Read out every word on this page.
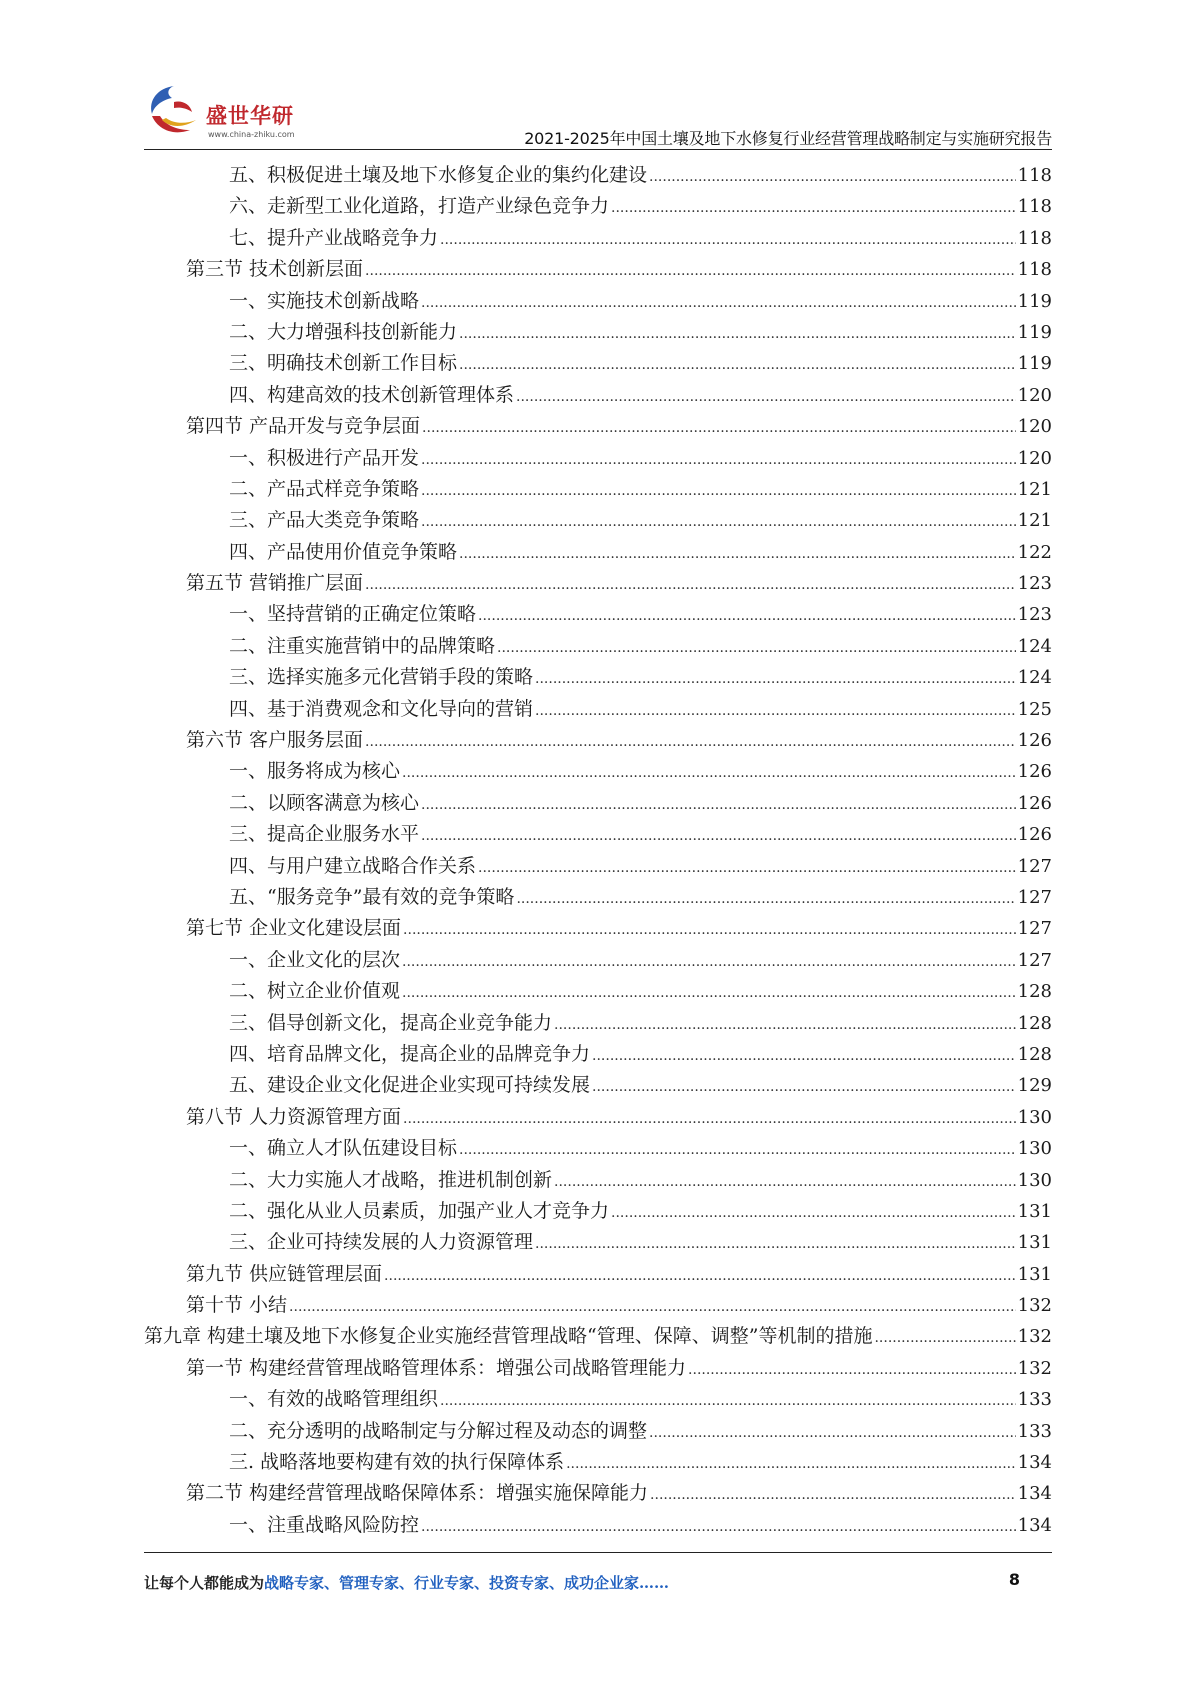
盛世华研
www.china-zhiku.com	2021-2025年中国土壤及地下水修复行业经营管理战略制定与实施研究报告
五、积极促进土壤及地下水修复企业的集约化建设 .....	118
六、走新型工业化道路，打造产业绿色竞争力 .....	118
七、提升产业战略竞争力 .....	118
第三节 技术创新层面 .....	118
一、实施技术创新战略 .....	119
二、大力增强科技创新能力 .....	119
三、明确技术创新工作目标 .....	119
四、构建高效的技术创新管理体系 .....	120
第四节 产品开发与竞争层面 .....	120
一、积极进行产品开发 .....	120
二、产品式样竞争策略 .....	121
三、产品大类竞争策略 .....	121
四、产品使用价值竞争策略 .....	122
第五节 营销推广层面 .....	123
一、坚持营销的正确定位策略 .....	123
二、注重实施营销中的品牌策略 .....	124
三、选择实施多元化营销手段的策略 .....	124
四、基于消费观念和文化导向的营销 .....	125
第六节 客户服务层面 .....	126
一、服务将成为核心 .....	126
二、以顾客满意为核心 .....	126
三、提高企业服务水平 .....	126
四、与用户建立战略合作关系 .....	127
五、“服务竞争”最有效的竞争策略 .....	127
第七节 企业文化建设层面 .....	127
一、企业文化的层次 .....	127
二、树立企业价值观 .....	128
三、倡导创新文化，提高企业竞争能力 .....	128
四、培育品牌文化，提高企业的品牌竞争力 .....	128
五、建设企业文化促进企业实现可持续发展 .....	129
第八节 人力资源管理方面 .....	130
一、确立人才队伍建设目标 .....	130
二、大力实施人才战略，推进机制创新 .....	130
二、强化从业人员素质，加强产业人才竞争力 .....	131
三、企业可持续发展的人力资源管理 .....	131
第九节 供应链管理层面 .....	131
第十节 小结 .....	132
第九章 构建土壤及地下水修复企业实施经营管理战略“管理、保障、调整”等机制的措施 .....	132
第一节 构建经营管理战略管理体系：增强公司战略管理能力 .....	132
一、有效的战略管理组织 .....	133
二、充分透明的战略制定与分解过程及动态的调整 .....	133
三. 战略落地要构建有效的执行保障体系 .....	134
第二节 构建经营管理战略保障体系：增强实施保障能力 .....	134
一、注重战略风险防控 .....	134
让每个人都能成为战略专家、管理专家、行业专家、投资专家、成功企业家……	8
